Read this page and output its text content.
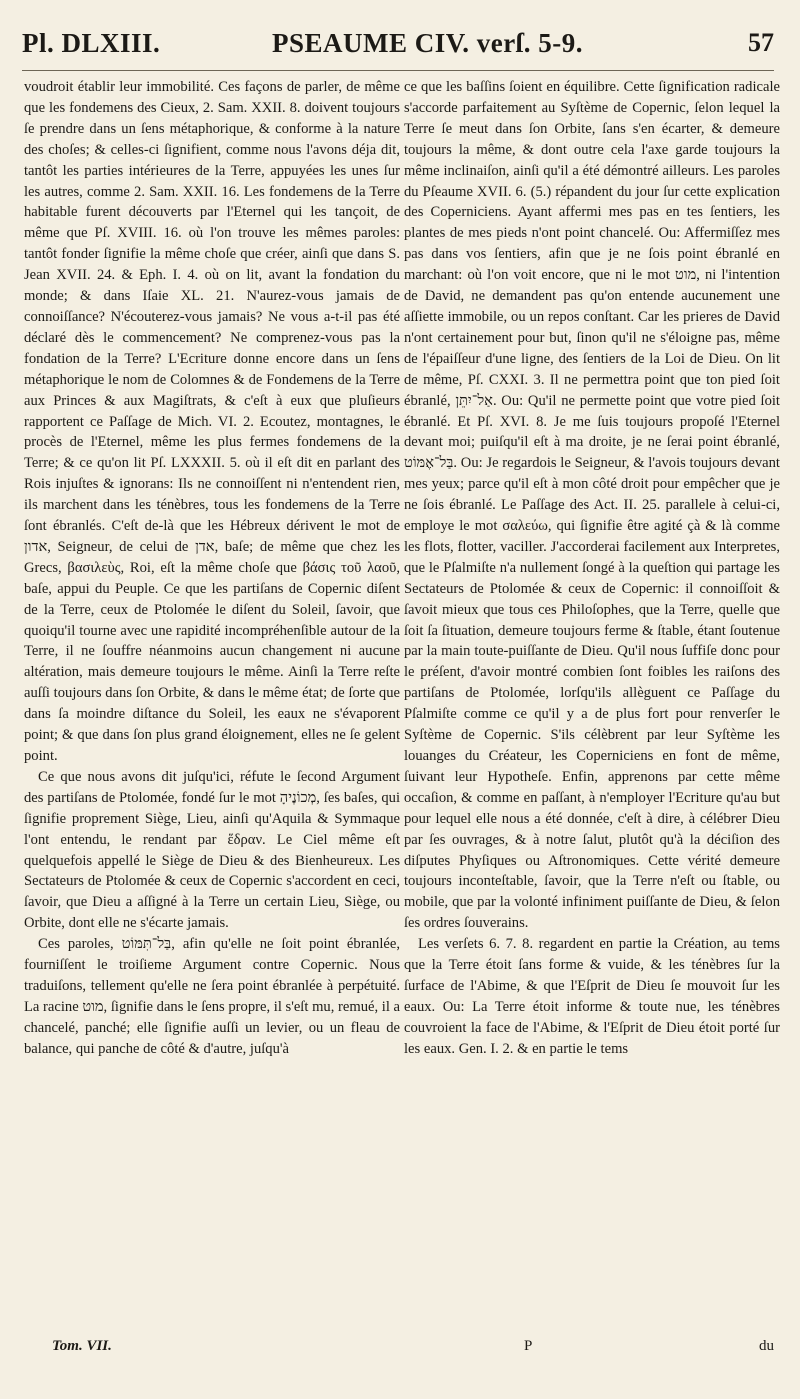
Pl. DLXIII.	PSEAUME CIV. verſ. 5-9.	57

voudroit établir leur immobilité. Ces façons de parler, de même que les fondemens des Cieux, 2. Sam. XXII. 8. doivent toujours ſe prendre dans un ſens métaphorique, & conforme à la nature des choſes; & celles-ci ſignifient, comme nous l'avons déja dit, tantôt les parties intérieures de la Terre, appuyées les unes ſur les autres, comme 2. Sam. XXII. 16. Les fondemens de la Terre habitable furent découverts par l'Eternel qui les tançoit, de même que Pſ. XVIII. 16. où l'on trouve les mêmes paroles: tantôt fonder ſignifie la même choſe que créer, ainſi que dans S. Jean XVII. 24. & Eph. I. 4. où on lit, avant la fondation du monde; & dans Iſaie XL. 21. N'aurez-vous jamais de connoiſſance? N'écouterez-vous jamais? Ne vous a-t-il pas été déclaré dès le commencement? Ne comprenez-vous pas la fondation de la Terre? L'Ecriture donne encore dans un ſens métaphorique le nom de Colomnes & de Fondemens de la Terre aux Princes & aux Magiſtrats, & c'eſt à eux que pluſieurs rapportent ce Paſſage de Mich. VI. 2. Ecoutez, montagnes, le procès de l'Eternel, même les plus fermes fondemens de la Terre; & ce qu'on lit Pſ. LXXXII. 5. où il eſt dit en parlant des Rois injuſtes & ignorans: Ils ne connoiſſent ni n'entendent rien, ils marchent dans les ténèbres, tous les fondemens de la Terre ſont ébranlés. C'eſt de-là que les Hébreux dérivent le mot de אדון, Seigneur, de celui de אדן, baſe; de même que chez les Grecs, βασιλεὺς, Roi, eſt la même choſe que βάσις τοῦ λαοῦ, baſe, appui du Peuple. Ce que les partiſans de Copernic diſent de la Terre, ceux de Ptolomée le diſent du Soleil, ſavoir, que quoiqu'il tourne avec une rapidité incompréhenſible autour de la Terre, il ne ſouffre néanmoins aucun changement ni aucune altération, mais demeure toujours le même. Ainſi la Terre reſte auſſi toujours dans ſon Orbite, & dans le même état; de ſorte que dans ſa moindre diſtance du Soleil, les eaux ne s'évaporent point; & que dans ſon plus grand éloignement, elles ne ſe gelent point.

Ce que nous avons dit juſqu'ici, réfute le ſecond Argument des partiſans de Ptolomée, fondé ſur le mot מְכוֹנֶיהָ, ſes baſes, qui ſignifie proprement Siège, Lieu, ainſi qu'Aquila & Symmaque l'ont entendu, le rendant par ἕδραν. Le Ciel même eſt quelquefois appellé le Siège de Dieu & des Bienheureux. Les Sectateurs de Ptolomée & ceux de Copernic s'accordent en ceci, ſavoir, que Dieu a aſſigné à la Terre un certain Lieu, Siège, ou Orbite, dont elle ne s'écarte jamais.

Ces paroles, בַּל־תִּמּוֹט, afin qu'elle ne ſoit point ébranlée, fourniſſent le troiſieme Argument contre Copernic. Nous traduiſons, tellement qu'elle ne ſera point ébranlée à perpétuité. La racine מוט, ſignifie dans le ſens propre, il s'eſt mu, remué, il a chancelé, panché; elle ſignifie auſſi un levier, ou un fleau de balance, qui panche de côté & d'autre, juſqu'à

ce que les baſſins ſoient en équilibre. Cette ſignification radicale s'accorde parfaitement au Syſtème de Copernic, ſelon lequel la Terre ſe meut dans ſon Orbite, ſans s'en écarter, & demeure toujours la même, & dont outre cela l'axe garde toujours la même inclinaiſon, ainſi qu'il a été démontré ailleurs. Les paroles du Pſeaume XVII. 6. (5.) répandent du jour ſur cette explication des Coperniciens. Ayant affermi mes pas en tes ſentiers, les plantes de mes pieds n'ont point chancelé. Ou: Affermiſſez mes pas dans vos ſentiers, afin que je ne ſois point ébranlé en marchant: où l'on voit encore, que ni le mot מוט, ni l'intention de David, ne demandent pas qu'on entende aucunement une aſſiette immobile, ou un repos conſtant. Car les prieres de David n'ont certainement pour but, ſinon qu'il ne s'éloigne pas, même de l'épaiſſeur d'une ligne, des ſentiers de la Loi de Dieu. On lit de même, Pſ. CXXI. 3. Il ne permettra point que ton pied ſoit ébranlé, אַל־יִתֵּן. Ou: Qu'il ne permette point que votre pied ſoit ébranlé. Et Pſ. XVI. 8. Je me ſuis toujours propoſé l'Eternel devant moi; puiſqu'il eſt à ma droite, je ne ſerai point ébranlé, בַּל־אֶמּוֹט. Ou: Je regardois le Seigneur, & l'avois toujours devant mes yeux; parce qu'il eſt à mon côté droit pour empêcher que je ne ſois ébranlé. Le Paſſage des Act. II. 25. parallele à celui-ci, employe le mot σαλεύω, qui ſignifie être agité çà & là comme les flots, flotter, vaciller. J'accorderai facilement aux Interpretes, que le Pſalmiſte n'a nullement ſongé à la queſtion qui partage les Sectateurs de Ptolomée & ceux de Copernic: il connoiſſoit & ſavoit mieux que tous ces Philoſophes, que la Terre, quelle que ſoit ſa ſituation, demeure toujours ferme & ſtable, étant ſoutenue par la main toute-puiſſante de Dieu. Qu'il nous ſuffiſe donc pour le préſent, d'avoir montré combien ſont foibles les raiſons des partiſans de Ptolomée, lorſqu'ils allèguent ce Paſſage du Pſalmiſte comme ce qu'il y a de plus fort pour renverſer le Syſtème de Copernic. S'ils célèbrent par leur Syſtème les louanges du Créateur, les Coperniciens en font de même, ſuivant leur Hypotheſe. Enfin, apprenons par cette même occaſion, & comme en paſſant, à n'employer l'Ecriture qu'au but pour lequel elle nous a été donnée, c'eſt à dire, à célébrer Dieu par ſes ouvrages, & à notre ſalut, plutôt qu'à la déciſion des diſputes Phyſiques ou Aſtronomiques. Cette vérité demeure toujours inconteſtable, ſavoir, que la Terre n'eſt ou ſtable, ou mobile, que par la volonté infiniment puiſſante de Dieu, & ſelon ſes ordres ſouverains.

Les verſets 6. 7. 8. regardent en partie la Création, au tems que la Terre étoit ſans forme & vuide, & les ténèbres ſur la ſurface de l'Abime, & que l'Eſprit de Dieu ſe mouvoit ſur les eaux. Ou: La Terre étoit informe & toute nue, les ténèbres couvroient la face de l'Abime, & l'Eſprit de Dieu étoit porté ſur les eaux. Gen. I. 2. & en partie le tems

Tom. VII.	P	du
